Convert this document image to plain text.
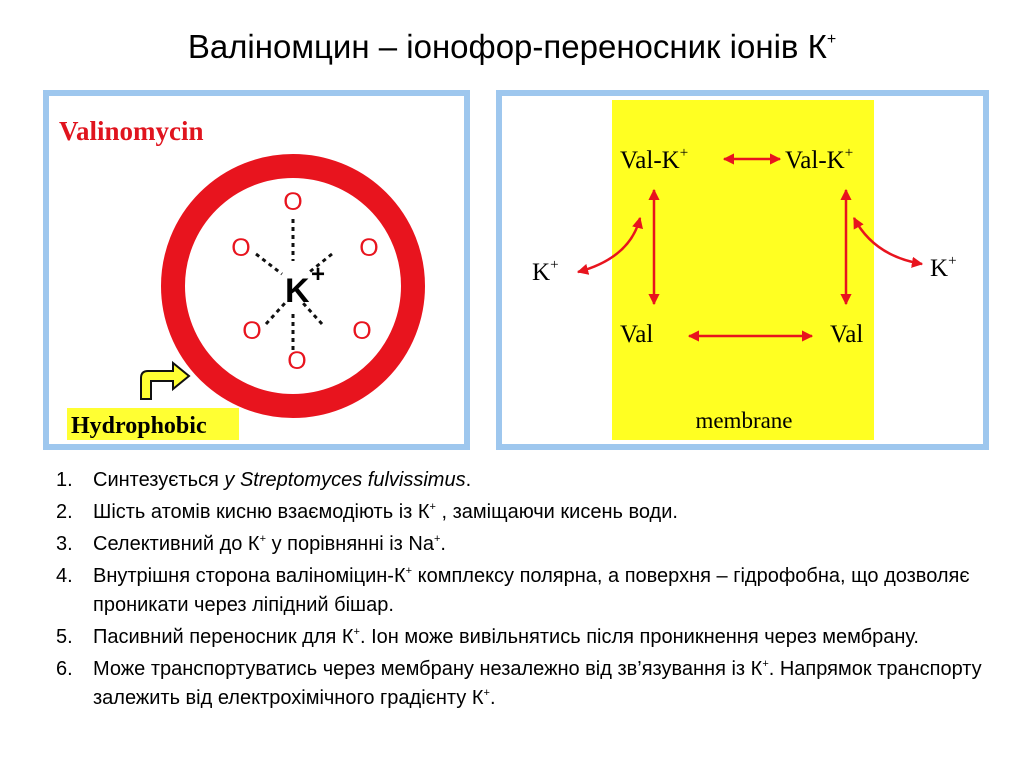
Валіномцин – іонофор-переносник іонів К+
Valinomycin
O
O	O
O	O
O
K +
Hydrophobic	membrane
Val-K+	Val-K+
K+	K+
Val	Val
1. Синтезується у Streptomyces fulvissimus.
2. Шість атомів кисню взаємодіють із К+ , заміщаючи кисень води.
3. Селективний до К+ у порівнянні із Na+.
4. Внутрішня сторона валіноміцин-К+ комплексу полярна, а поверхня – гідрофобна, що дозволяє проникати через ліпідний бішар.
5. Пасивний переносник для К+. Іон може вивільнятись після проникнення через мембрану.
6. Може транспортуватись через мембрану незалежно від зв’язування із К+. Напрямок транспорту залежить від електрохімічного градієнту К+.
